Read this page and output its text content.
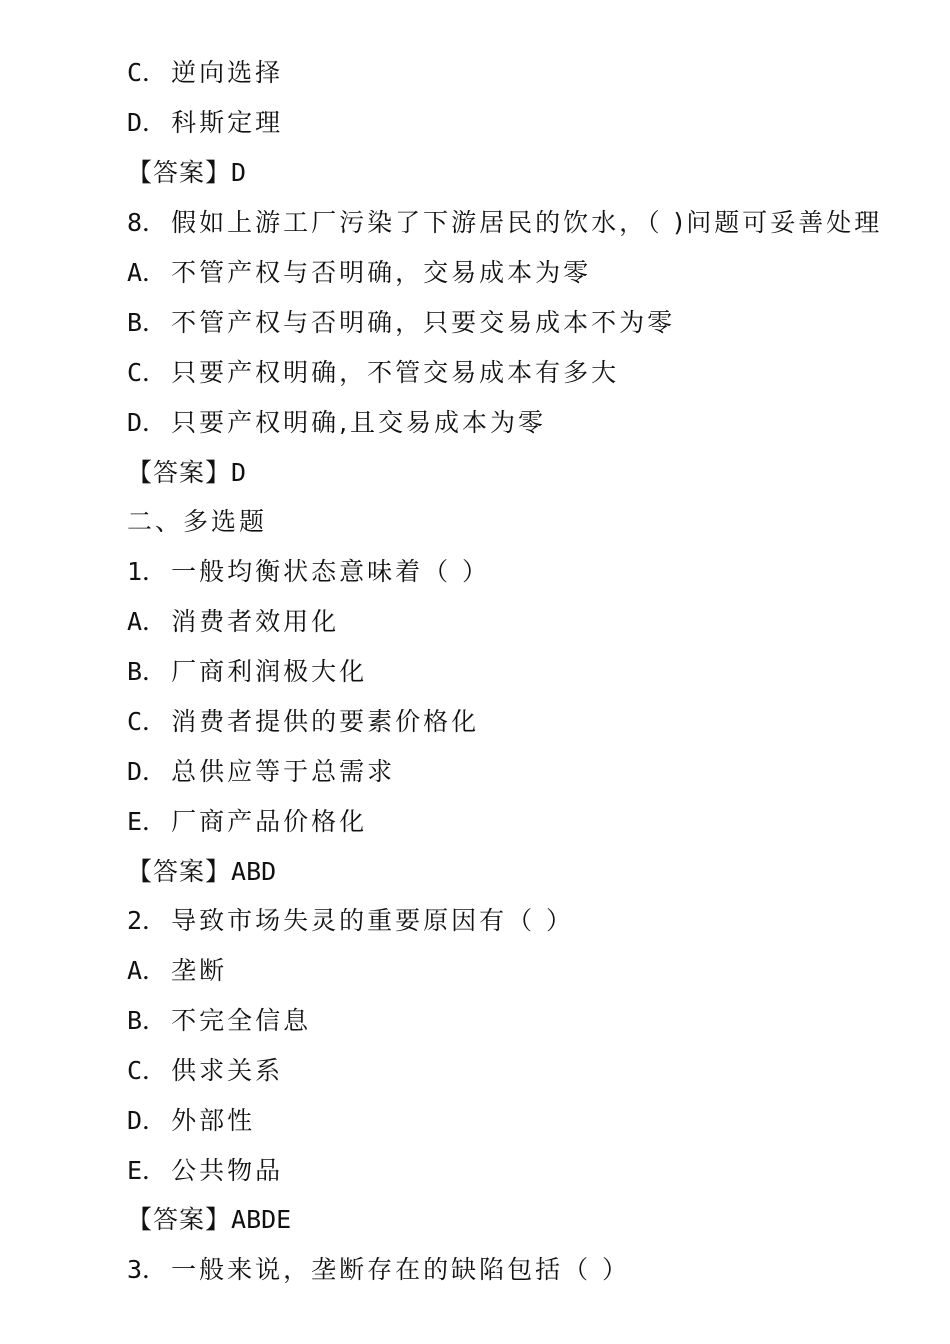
C． 逆向选择
D． 科斯定理
【答案】D
8． 假如上游工厂污染了下游居民的饮水，（ )问题可妥善处理
A． 不管产权与否明确，交易成本为零
B． 不管产权与否明确，只要交易成本不为零
C． 只要产权明确，不管交易成本有多大
D． 只要产权明确,且交易成本为零
【答案】D
二、多选题
1． 一般均衡状态意味着（ ）
A． 消费者效用化
B． 厂商利润极大化
C． 消费者提供的要素价格化
D． 总供应等于总需求
E． 厂商产品价格化
【答案】ABD
2． 导致市场失灵的重要原因有（ ）
A． 垄断
B． 不完全信息
C． 供求关系
D． 外部性
E． 公共物品
【答案】ABDE
3． 一般来说，垄断存在的缺陷包括（ ）
